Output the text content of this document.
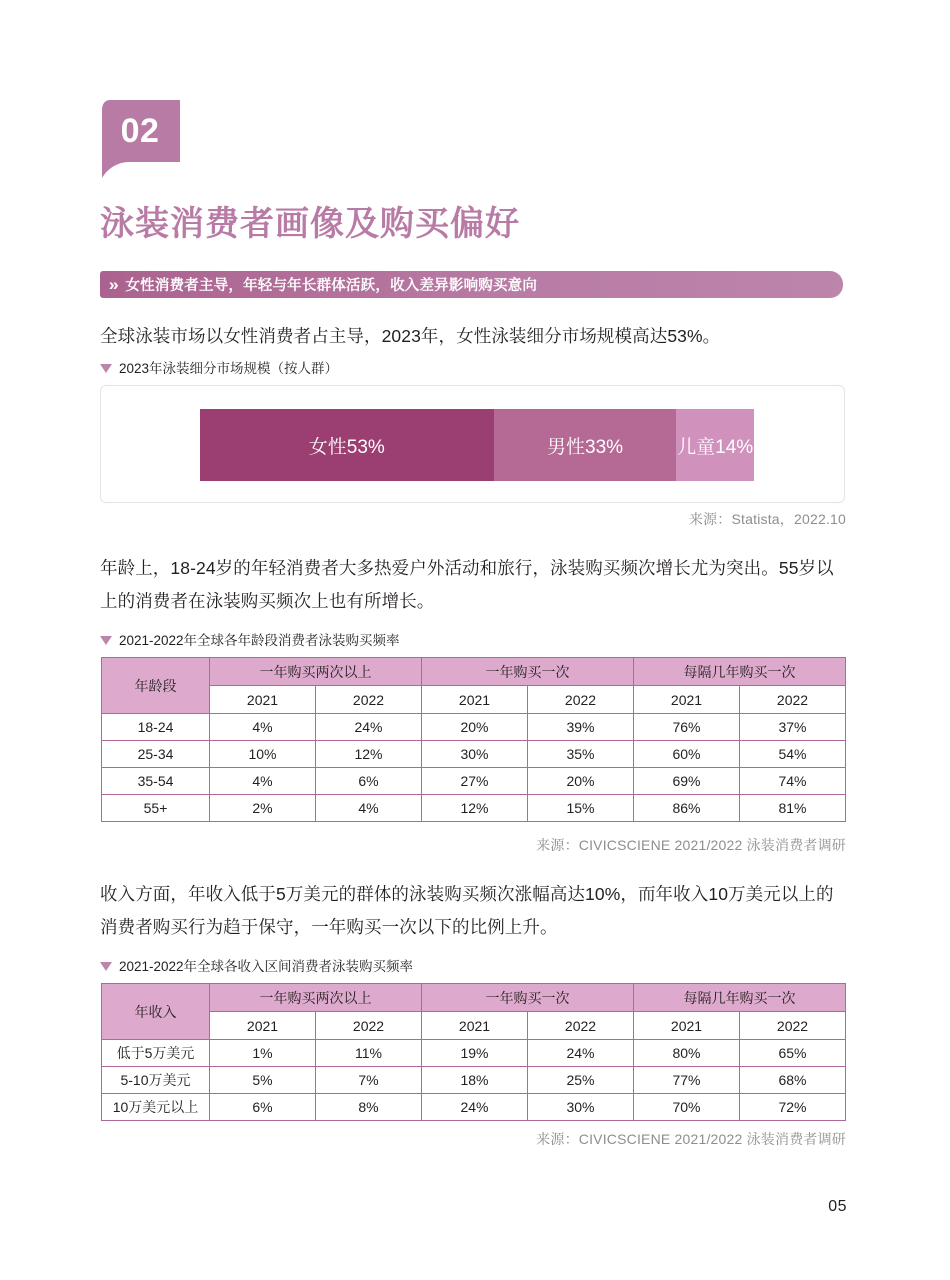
02
泳装消费者画像及购买偏好
» 女性消费者主导，年轻与年长群体活跃，收入差异影响购买意向
全球泳装市场以女性消费者占主导，2023年，女性泳装细分市场规模高达53%。
2023年泳装细分市场规模（按人群）
女性53%	男性33%	儿童14%
来源：Statista，2022.10
年龄上，18-24岁的年轻消费者大多热爱户外活动和旅行，泳装购买频次增长尤为突出。55岁以上的消费者在泳装购买频次上也有所增长。
2021-2022年全球各年龄段消费者泳装购买频率
年龄段	一年购买两次以上		一年购买一次		每隔几年购买一次	
	2021	2022	2021	2022	2021	2022
18-24	4%	24%	20%	39%	76%	37%
25-34	10%	12%	30%	35%	60%	54%
35-54	4%	6%	27%	20%	69%	74%
55+	2%	4%	12%	15%	86%	81%
来源：CIVICSCIENE 2021/2022 泳装消费者调研
收入方面，年收入低于5万美元的群体的泳装购买频次涨幅高达10%，而年收入10万美元以上的消费者购买行为趋于保守，一年购买一次以下的比例上升。
2021-2022年全球各收入区间消费者泳装购买频率
年收入	一年购买两次以上		一年购买一次		每隔几年购买一次	
	2021	2022	2021	2022	2021	2022
低于5万美元	1%	11%	19%	24%	80%	65%
5-10万美元	5%	7%	18%	25%	77%	68%
10万美元以上	6%	8%	24%	30%	70%	72%
来源：CIVICSCIENE 2021/2022 泳装消费者调研
05
